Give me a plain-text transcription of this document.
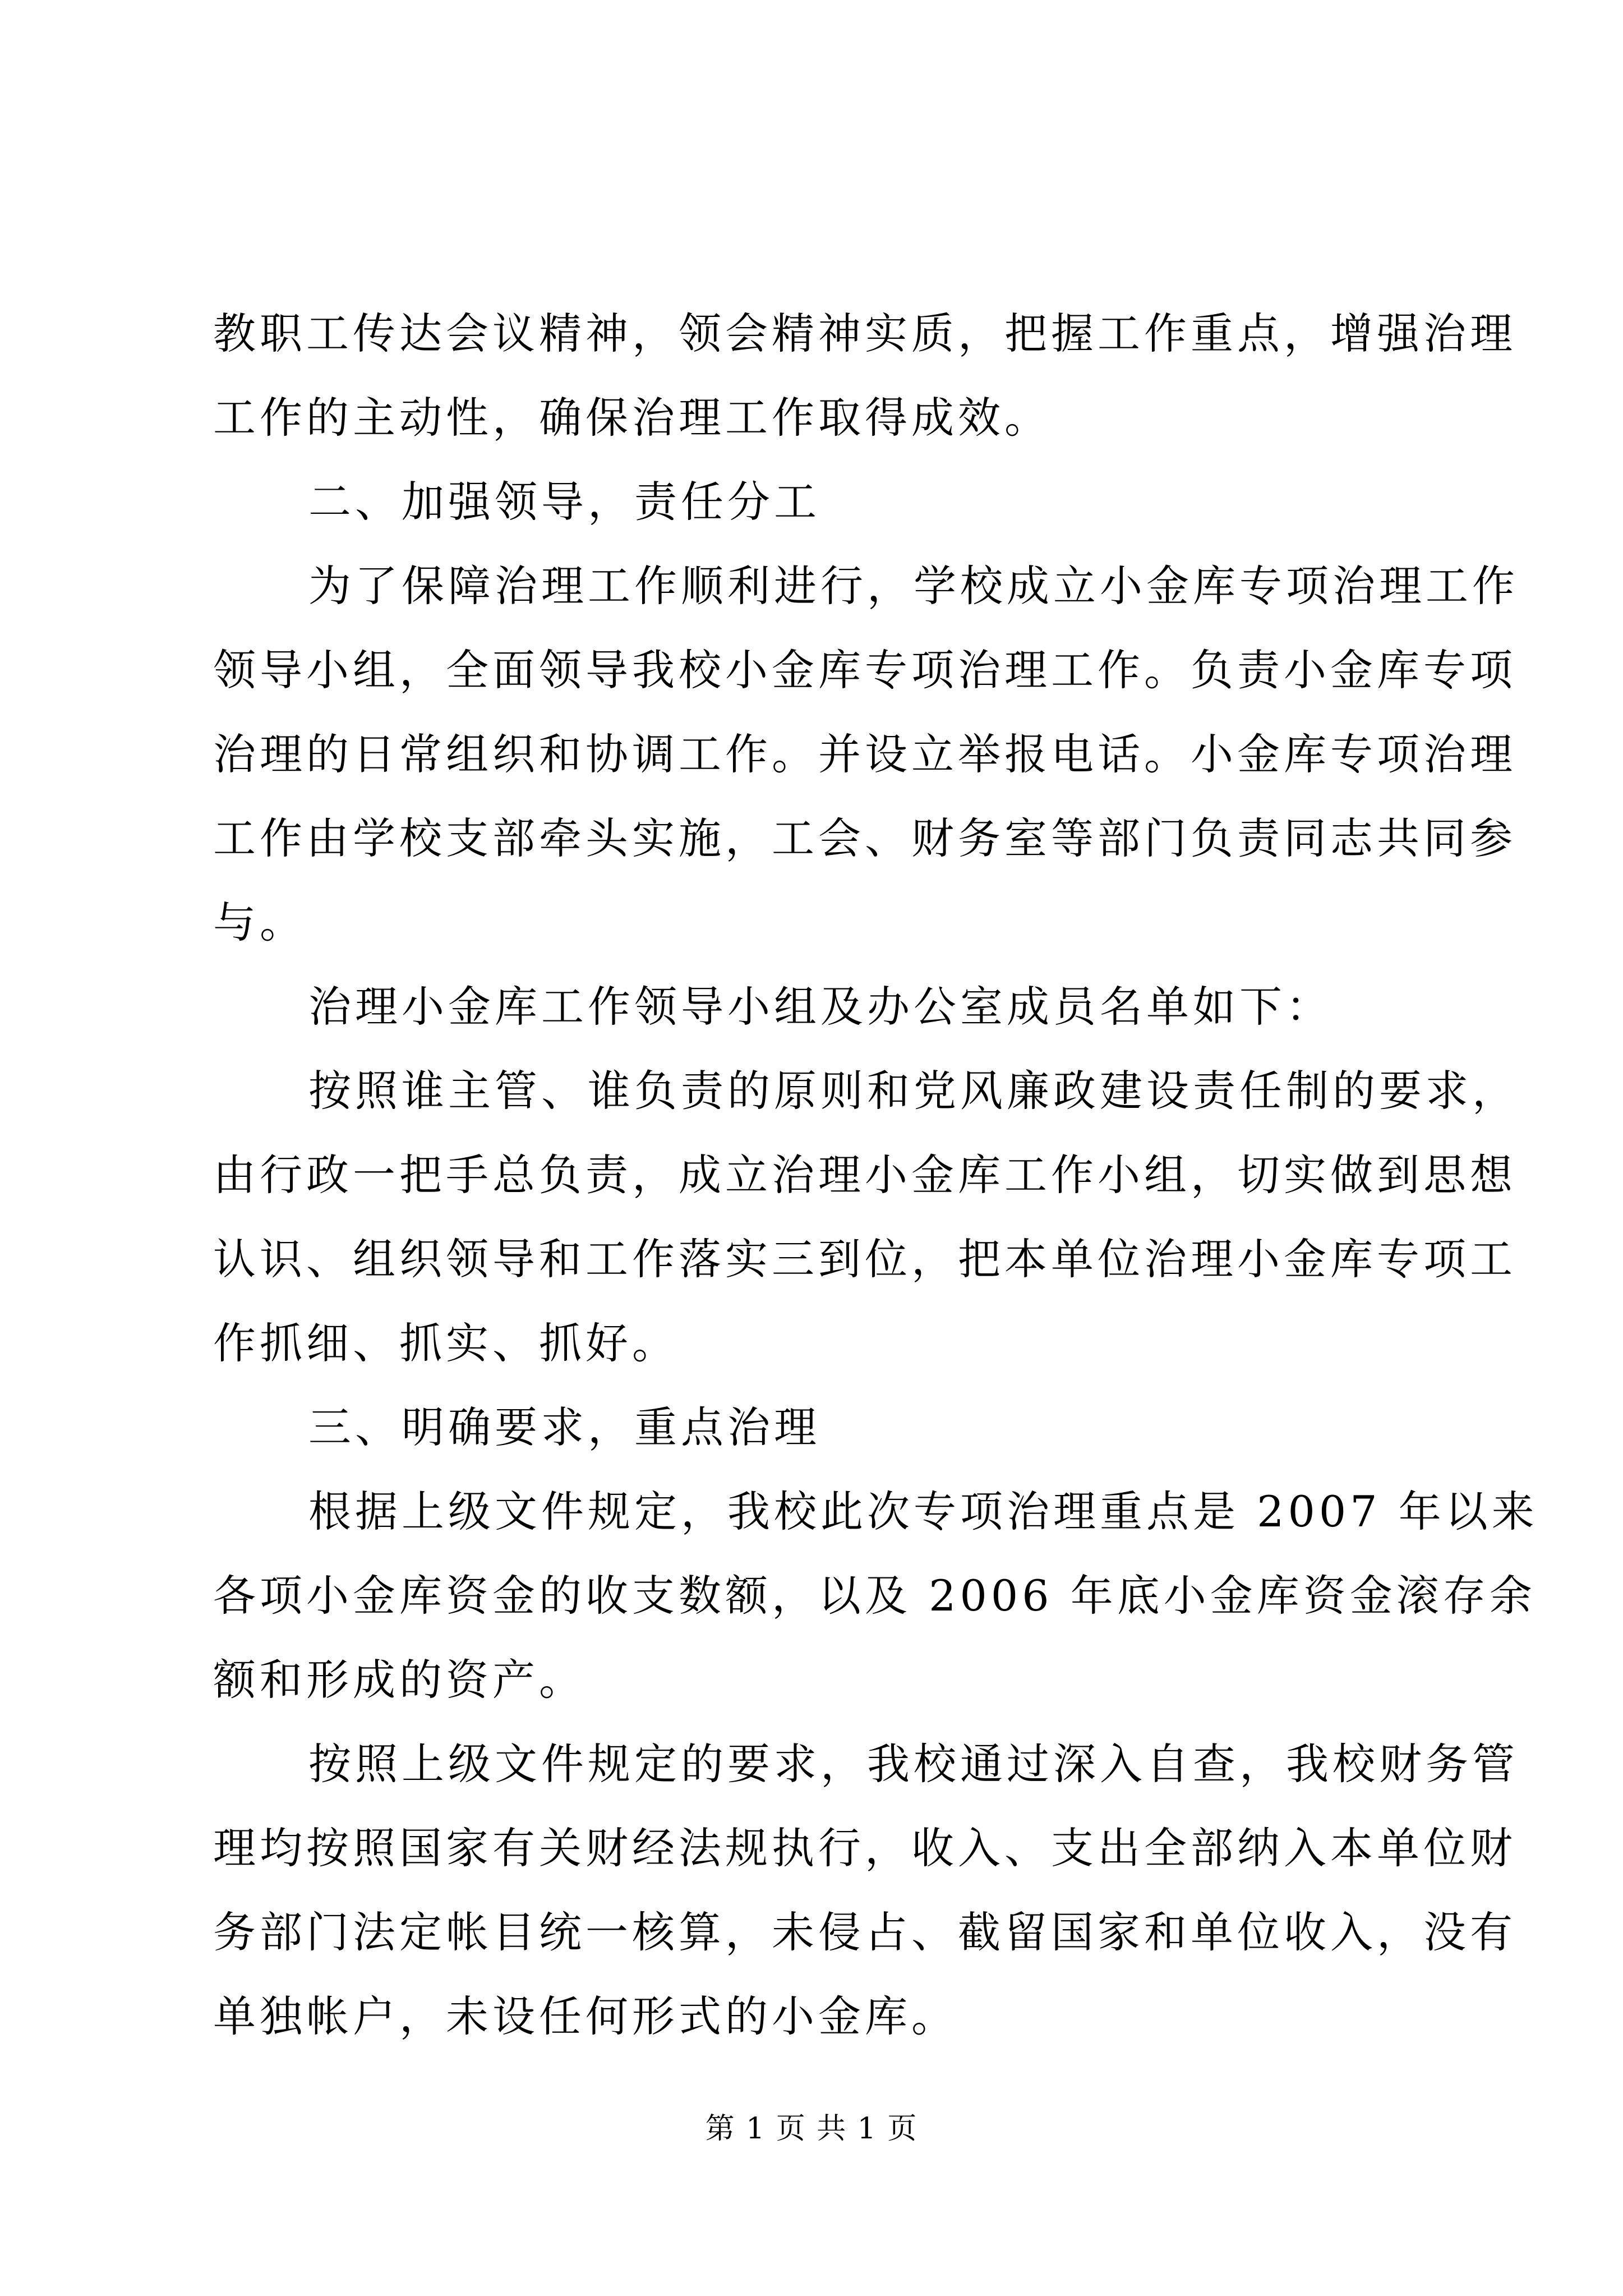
教职工传达会议精神，领会精神实质，把握工作重点，增强治理
工作的主动性，确保治理工作取得成效。
二、加强领导，责任分工
为了保障治理工作顺利进行，学校成立小金库专项治理工作
领导小组，全面领导我校小金库专项治理工作。负责小金库专项
治理的日常组织和协调工作。并设立举报电话。小金库专项治理
工作由学校支部牵头实施，工会、财务室等部门负责同志共同参
与。
治理小金库工作领导小组及办公室成员名单如下：
按照谁主管、谁负责的原则和党风廉政建设责任制的要求，
由行政一把手总负责，成立治理小金库工作小组，切实做到思想
认识、组织领导和工作落实三到位，把本单位治理小金库专项工
作抓细、抓实、抓好。
三、明确要求，重点治理
根据上级文件规定，我校此次专项治理重点是 2007 年以来
各项小金库资金的收支数额，以及 2006 年底小金库资金滚存余
额和形成的资产。
按照上级文件规定的要求，我校通过深入自查，我校财务管
理均按照国家有关财经法规执行，收入、支出全部纳入本单位财
务部门法定帐目统一核算，未侵占、截留国家和单位收入，没有
单独帐户，未设任何形式的小金库。
第 1 页 共 1 页
